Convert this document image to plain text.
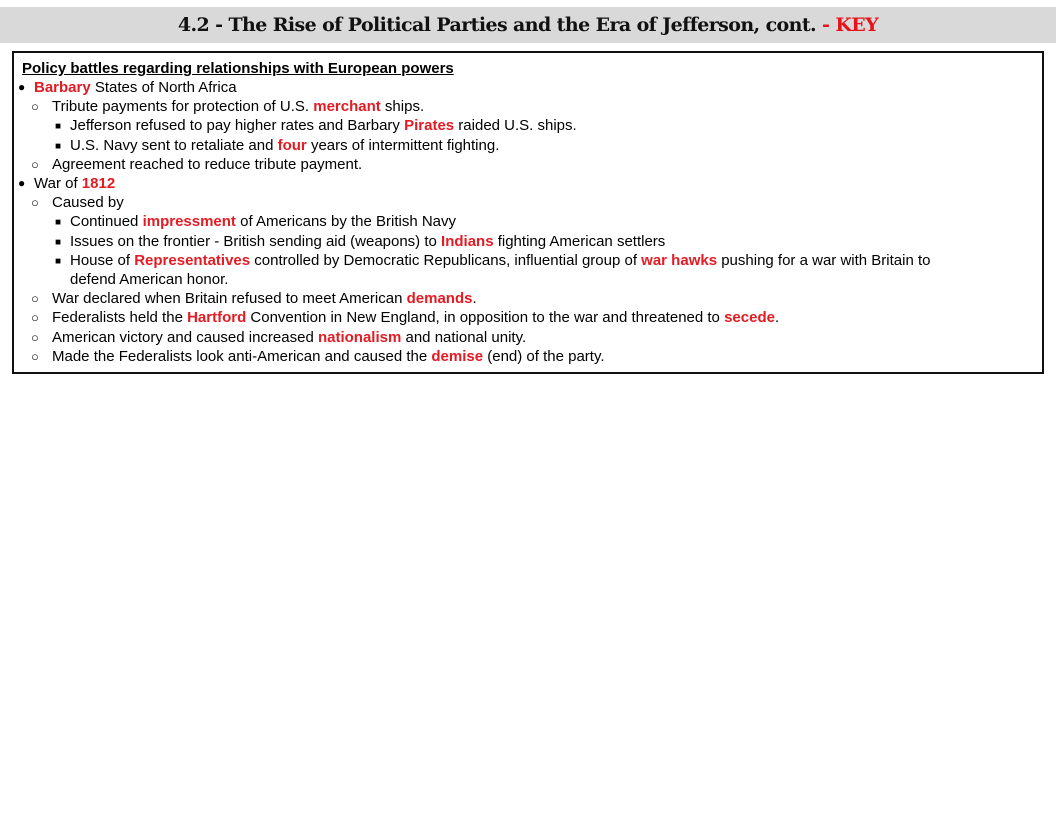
4.2 - The Rise of Political Parties and the Era of Jefferson, cont. - KEY
Policy battles regarding relationships with European powers
● Barbary States of North Africa
○ Tribute payments for protection of U.S. merchant ships.
■ Jefferson refused to pay higher rates and Barbary Pirates raided U.S. ships.
■ U.S. Navy sent to retaliate and four years of intermittent fighting.
○ Agreement reached to reduce tribute payment.
● War of 1812
○ Caused by
■ Continued impressment of Americans by the British Navy
■ Issues on the frontier - British sending aid (weapons) to Indians fighting American settlers
■ House of Representatives controlled by Democratic Republicans, influential group of war hawks pushing for a war with Britain to
defend American honor.
○ War declared when Britain refused to meet American demands.
○ Federalists held the Hartford Convention in New England, in opposition to the war and threatened to secede.
○ American victory and caused increased nationalism and national unity.
○ Made the Federalists look anti-American and caused the demise (end) of the party.
